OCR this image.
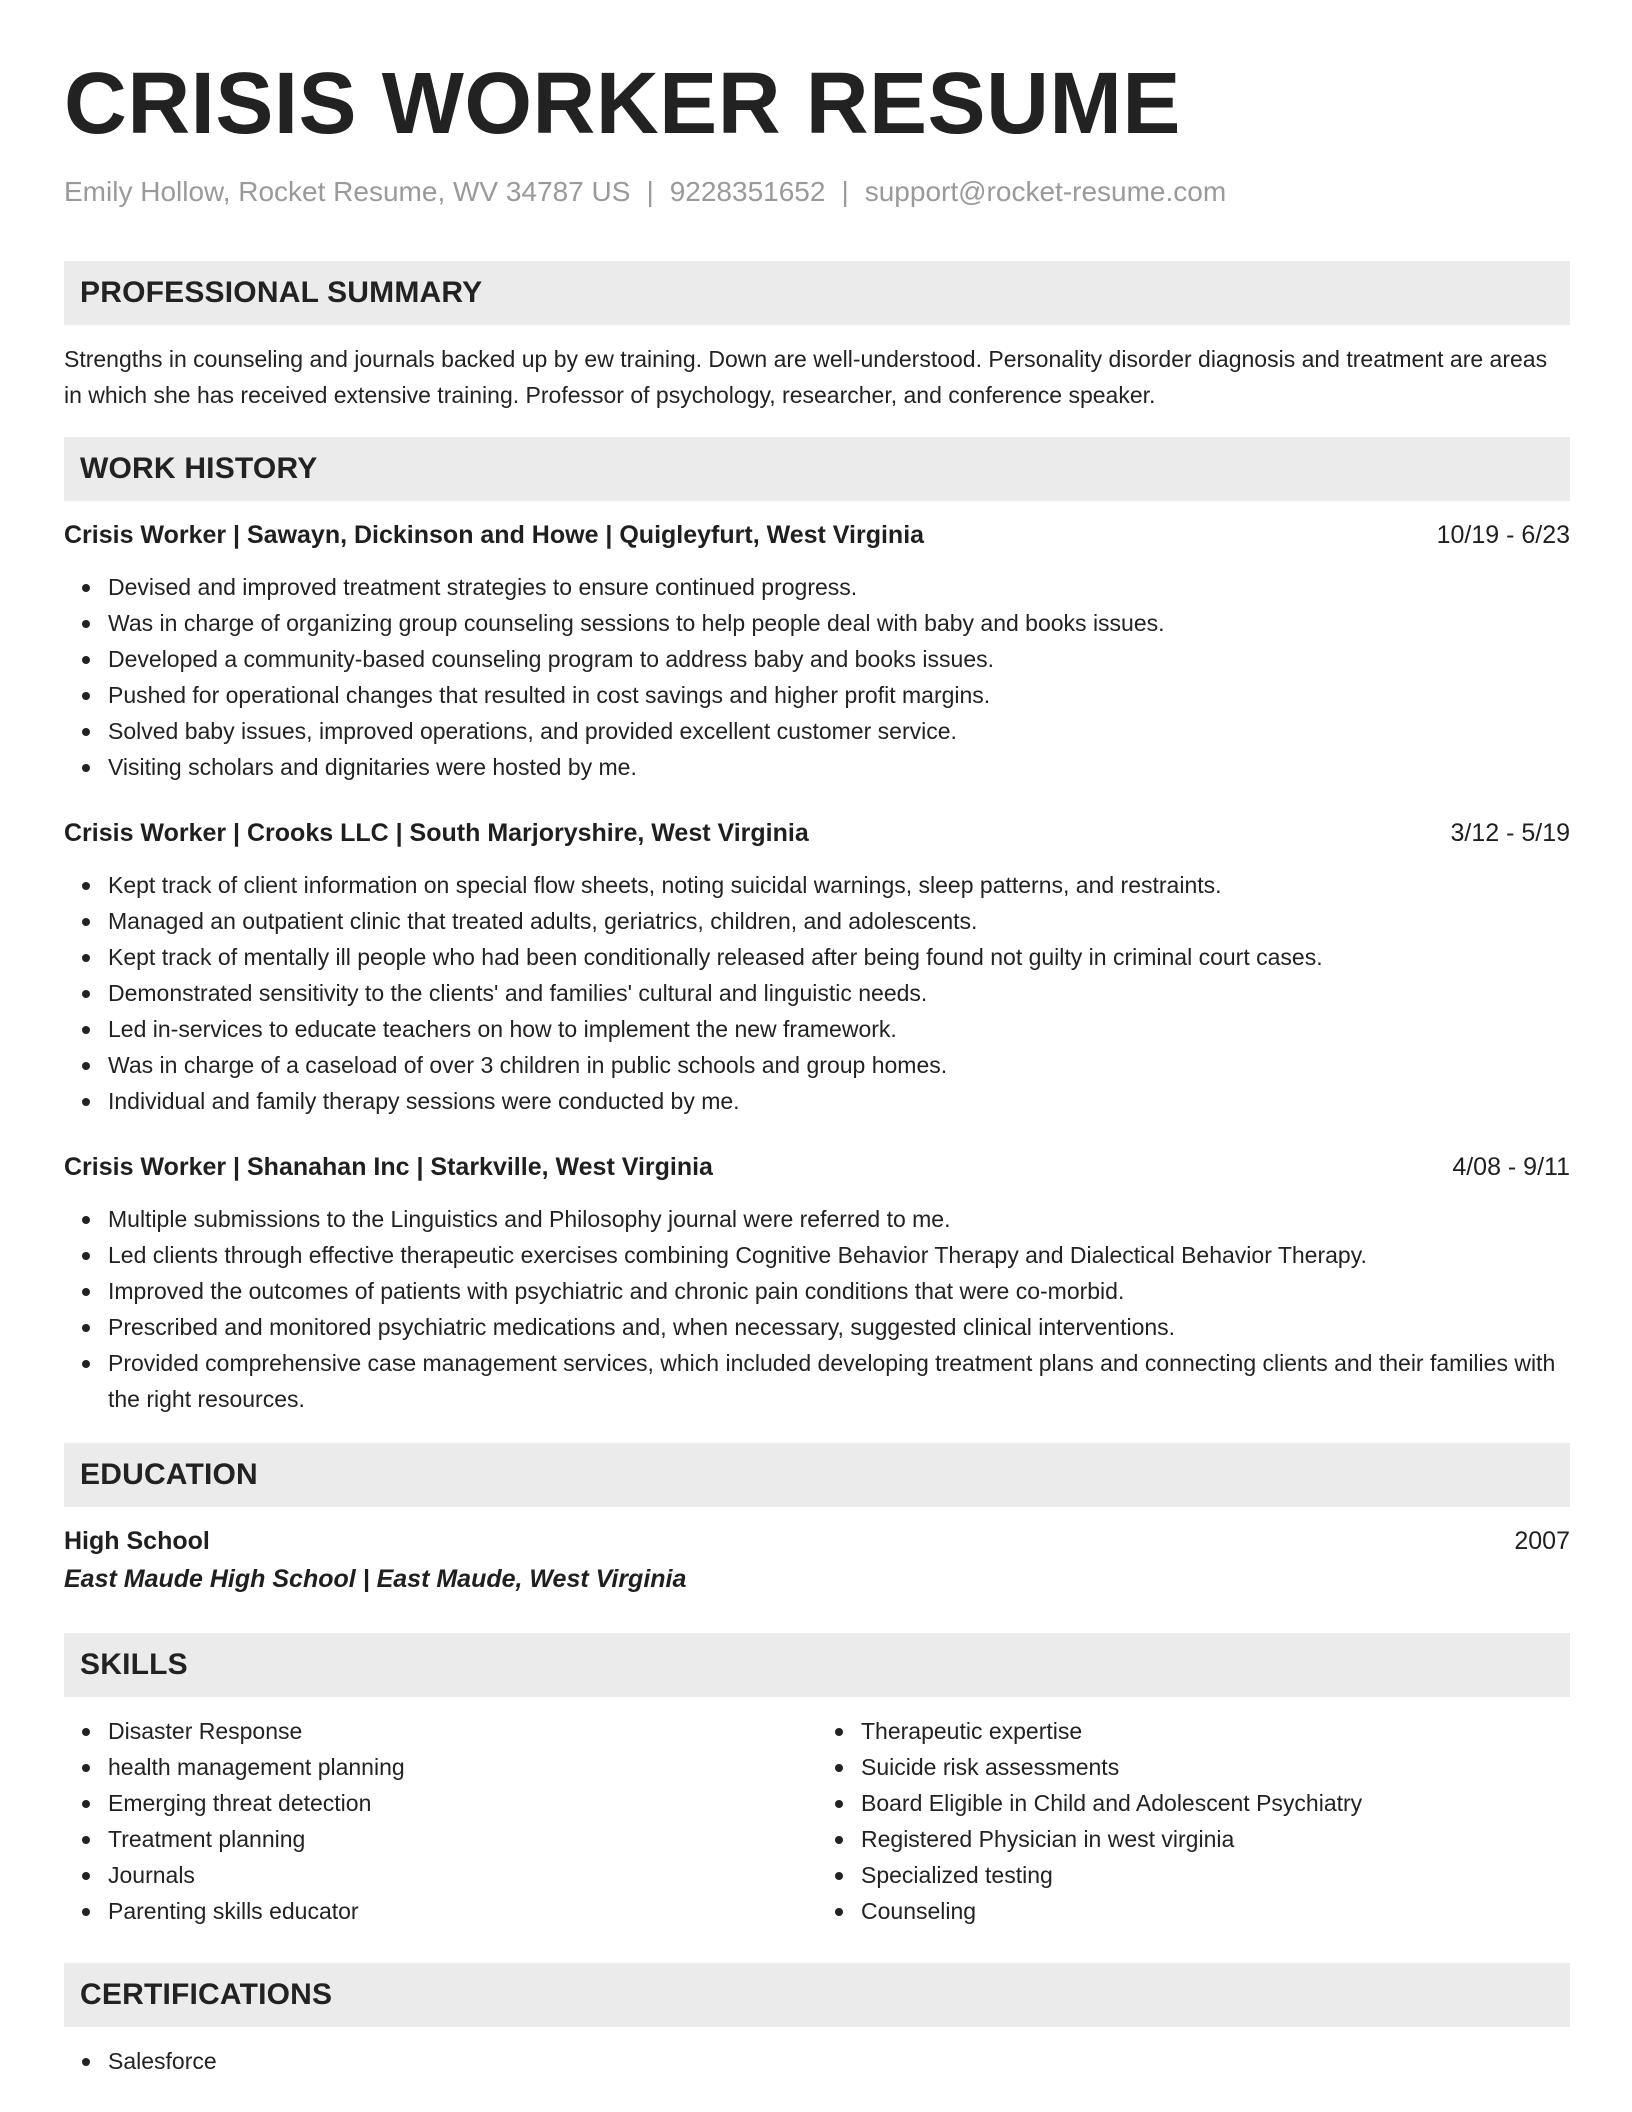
CRISIS WORKER RESUME
Emily Hollow, Rocket Resume, WV 34787 US | 9228351652 | support@rocket-resume.com
PROFESSIONAL SUMMARY

Strengths in counseling and journals backed up by ew training. Down are well-understood. Personality disorder diagnosis and treatment are areas in which she has received extensive training. Professor of psychology, researcher, and conference speaker.

WORK HISTORY
Crisis Worker | Sawayn, Dickinson and Howe | Quigleyfurt, West Virginia	10/19 - 6/23
Devised and improved treatment strategies to ensure continued progress.
Was in charge of organizing group counseling sessions to help people deal with baby and books issues.
Developed a community-based counseling program to address baby and books issues.
Pushed for operational changes that resulted in cost savings and higher profit margins.
Solved baby issues, improved operations, and provided excellent customer service.
Visiting scholars and dignitaries were hosted by me.
Crisis Worker | Crooks LLC | South Marjoryshire, West Virginia	3/12 - 5/19
Kept track of client information on special flow sheets, noting suicidal warnings, sleep patterns, and restraints.
Managed an outpatient clinic that treated adults, geriatrics, children, and adolescents.
Kept track of mentally ill people who had been conditionally released after being found not guilty in criminal court cases.
Demonstrated sensitivity to the clients' and families' cultural and linguistic needs.
Led in-services to educate teachers on how to implement the new framework.
Was in charge of a caseload of over 3 children in public schools and group homes.
Individual and family therapy sessions were conducted by me.
Crisis Worker | Shanahan Inc | Starkville, West Virginia	4/08 - 9/11
Multiple submissions to the Linguistics and Philosophy journal were referred to me.
Led clients through effective therapeutic exercises combining Cognitive Behavior Therapy and Dialectical Behavior Therapy.
Improved the outcomes of patients with psychiatric and chronic pain conditions that were co-morbid.
Prescribed and monitored psychiatric medications and, when necessary, suggested clinical interventions.
Provided comprehensive case management services, which included developing treatment plans and connecting clients and their families with the right resources.
EDUCATION
High School	2007
East Maude High School | East Maude, West Virginia
SKILLS
Disaster Response
health management planning
Emerging threat detection
Treatment planning
Journals
Parenting skills educator
Therapeutic expertise
Suicide risk assessments
Board Eligible in Child and Adolescent Psychiatry
Registered Physician in west virginia
Specialized testing
Counseling
CERTIFICATIONS
Salesforce
